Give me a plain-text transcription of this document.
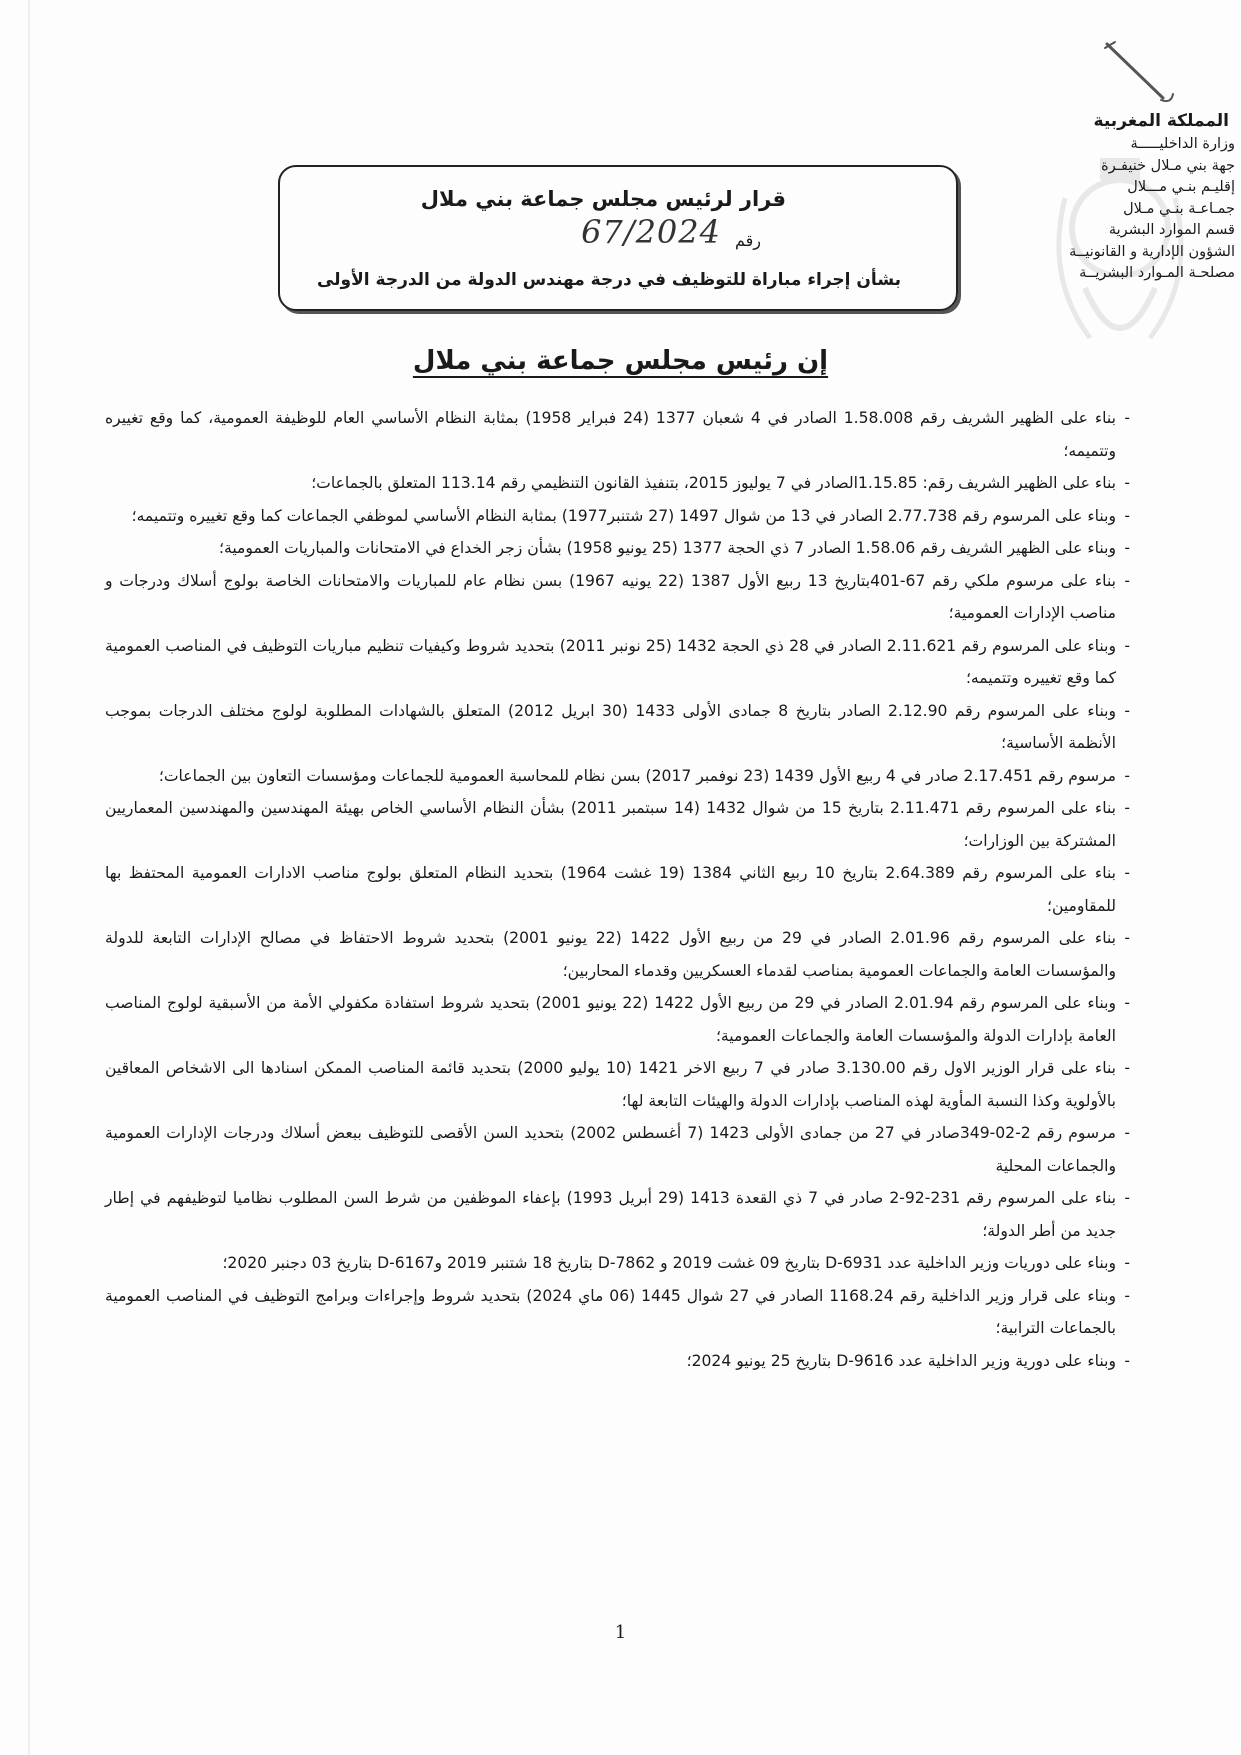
المملكة المغربية
وزارة الداخليـــــة
جهة بني مـلال خنيفـرة
إقليـم بنـي مـــلال
جمـاعـة بنـي مـلال
قسم الموارد البشرية
الشؤون الإدارية و القانونيــة
مصلحـة المـوارد البشريــة
قرار لرئيس مجلس جماعة بني ملال
67/2024 رقم
بشأن إجراء مباراة للتوظيف في درجة مهندس الدولة من الدرجة الأولى
إن رئيس مجلس جماعة بني ملال
- بناء على الظهير الشريف رقم 1.58.008 الصادر في 4 شعبان 1377 (24 فبراير 1958) بمثابة النظام الأساسي العام للوظيفة العمومية، كما وقع تغييره وتتميمه؛
- بناء على الظهير الشريف رقم: 1.15.85الصادر في 7 يوليوز 2015، بتنفيذ القانون التنظيمي رقم 113.14 المتعلق بالجماعات؛
- وبناء على المرسوم رقم 2.77.738 الصادر في 13 من شوال 1497 (27 شتنبر1977) بمثابة النظام الأساسي لموظفي الجماعات كما وقع تغييره وتتميمه؛
- وبناء على الظهير الشريف رقم 1.58.06 الصادر 7 ذي الحجة 1377 (25 يونيو 1958) بشأن زجر الخداع في الامتحانات والمباريات العمومية؛
- بناء على مرسوم ملكي رقم 67-401بتاريخ 13 ربيع الأول 1387 (22 يونيه 1967) بسن نظام عام للمباريات والامتحانات الخاصة بولوج أسلاك ودرجات و مناصب الإدارات العمومية؛
- وبناء على المرسوم رقم 2.11.621 الصادر في 28 ذي الحجة 1432 (25 نونبر 2011) بتحديد شروط وكيفيات تنظيم مباريات التوظيف في المناصب العمومية كما وقع تغييره وتتميمه؛
- وبناء على المرسوم رقم 2.12.90 الصادر بتاريخ 8 جمادى الأولى 1433 (30 ابريل 2012) المتعلق بالشهادات المطلوبة لولوج مختلف الدرجات بموجب الأنظمة الأساسية؛
- مرسوم رقم 2.17.451 صادر في 4 ربيع الأول 1439 (23 نوفمبر 2017) بسن نظام للمحاسبة العمومية للجماعات ومؤسسات التعاون بين الجماعات؛
- بناء على المرسوم رقم 2.11.471 بتاريخ 15 من شوال 1432 (14 سبتمبر 2011) بشأن النظام الأساسي الخاص بهيئة المهندسين والمهندسين المعماريين المشتركة بين الوزارات؛
- بناء على المرسوم رقم 2.64.389 بتاريخ 10 ربيع الثاني 1384 (19 غشت 1964) بتحديد النظام المتعلق بولوج مناصب الادارات العمومية المحتفظ بها للمقاومين؛
- بناء على المرسوم رقم 2.01.96 الصادر في 29 من ربيع الأول 1422 (22 يونيو 2001) بتحديد شروط الاحتفاظ في مصالح الإدارات التابعة للدولة والمؤسسات العامة والجماعات العمومية بمناصب لقدماء العسكريين وقدماء المحاربين؛
- وبناء على المرسوم رقم 2.01.94 الصادر في 29 من ربيع الأول 1422 (22 يونيو 2001) بتحديد شروط استفادة مكفولي الأمة من الأسبقية لولوج المناصب العامة بإدارات الدولة والمؤسسات العامة والجماعات العمومية؛
- بناء على قرار الوزير الاول رقم 3.130.00 صادر في 7 ربيع الاخر 1421 (10 يوليو 2000) بتحديد قائمة المناصب الممكن اسنادها الى الاشخاص المعاقين بالأولوية وكذا النسبة المأوية لهذه المناصب بإدارات الدولة والهيئات التابعة لها؛
- مرسوم رقم 2-02-349صادر في 27 من جمادى الأولى 1423 (7 أغسطس 2002) بتحديد السن الأقصى للتوظيف ببعض أسلاك ودرجات الإدارات العمومية والجماعات المحلية
- بناء على المرسوم رقم 231-92-2 صادر في 7 ذي القعدة 1413 (29 أبريل 1993) بإعفاء الموظفين من شرط السن المطلوب نظاميا لتوظيفهم في إطار جديد من أطر الدولة؛
- وبناء على دوريات وزير الداخلية عدد D-6931 بتاريخ 09 غشت 2019 و D-7862 بتاريخ 18 شتنبر 2019 وD-6167 بتاريخ 03 دجنبر 2020؛
- وبناء على قرار وزير الداخلية رقم 1168.24 الصادر في 27 شوال 1445 (06 ماي 2024) بتحديد شروط وإجراءات وبرامج التوظيف في المناصب العمومية بالجماعات الترابية؛
- وبناء على دورية وزير الداخلية عدد D-9616 بتاريخ 25 يونيو 2024؛
1
